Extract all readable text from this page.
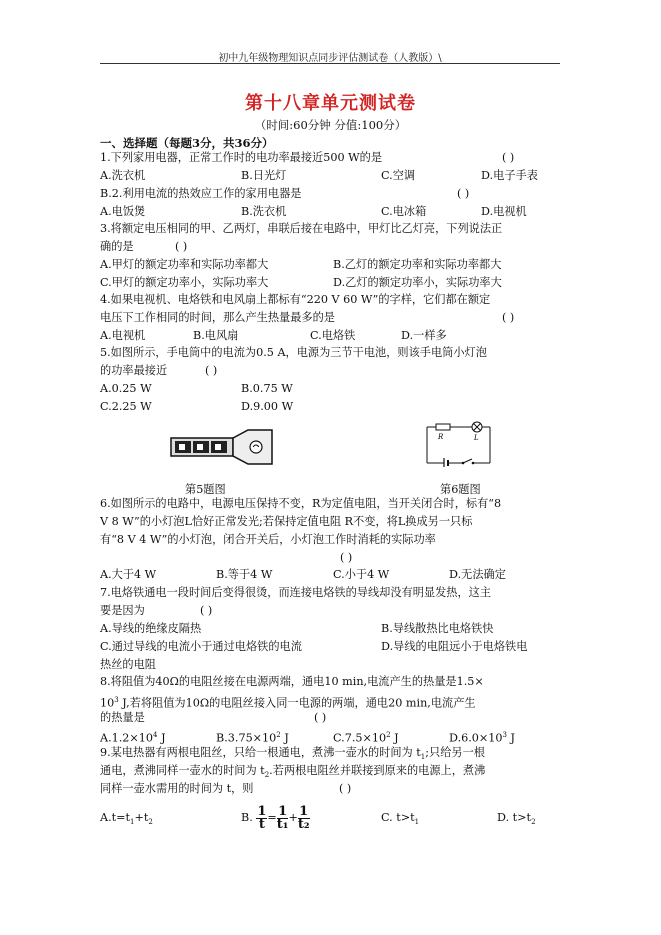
初中九年级物理知识点同步评估测试卷（人教版）\
第十八章单元测试卷
（时间:60分钟 分值:100分）
一、选择题（每题3分，共36分）
1.下列家用电器，正常工作时的电功率最接近500 W的是	( )
A.洗衣机	B.日光灯	C.空调	D.电子手表
B.2.利用电流的热效应工作的家用电器是	( )
A.电饭煲	B.洗衣机	C.电冰箱	D.电视机
3.将额定电压相同的甲、乙两灯，串联后接在电路中，甲灯比乙灯亮，下列说法正
确的是	( )
A.甲灯的额定功率和实际功率都大	B.乙灯的额定功率和实际功率都大
C.甲灯的额定功率小，实际功率大	D.乙灯的额定功率小，实际功率大
4.如果电视机、电烙铁和电风扇上都标有“220 V 60 W”的字样，它们都在额定
电压下工作相同的时间，那么产生热量最多的是	( )
A.电视机	B.电风扇	C.电烙铁	D.一样多
5.如图所示，手电筒中的电流为0.5 A，电源为三节干电池，则该手电筒小灯泡
的功率最接近	( )
A.0.25 W	B.0.75 W
C.2.25 W	D.9.00 W
第5题图
R	L
第6题图
6.如图所示的电路中，电源电压保持不变，R为定值电阻，当开关闭合时，标有“8
V 8 W”的小灯泡L恰好正常发光;若保持定值电阻 R不变，将L换成另一只标
有“8 V 4 W”的小灯泡，闭合开关后，小灯泡工作时消耗的实际功率
( )
A.大于4 W	B.等于4 W	C.小于4 W	D.无法确定
7.电烙铁通电一段时间后变得很烫，而连接电烙铁的导线却没有明显发热，这主
要是因为	( )
A.导线的绝缘皮隔热	B.导线散热比电烙铁快
C.通过导线的电流小于通过电烙铁的电流	D.导线的电阻远小于电烙铁电
热丝的电阻
8.将阻值为40Ω的电阻丝接在电源两端，通电10 min,电流产生的热量是1.5×
$10^3$ J,若将阻值为10Ω的电阻丝接入同一电源的两端，通电20 min,电流产生
的热量是	( )
$A.1.2\times 10^4$ J	$B.3.75\times 10^2$ J	$C.7.5\times 10^2$ J	$D.6.0\times 10^3$ J
9.某电热器有两根电阻丝，只给一根通电，煮沸一壶水的时间为 $t_1$;只给另一根
通电，煮沸同样一壶水的时间为 $t_2$.若两根电阻丝并联接到原来的电源上，煮沸
同样一壶水需用的时间为 t，则	( )
$A.t=t_1+t_2$	B. $\frac{1}{t} = \frac{1}{\text{t₁}} + \frac{1}{\text{t₂}}$	C. $t>t_1$	D. $t>t_2$
